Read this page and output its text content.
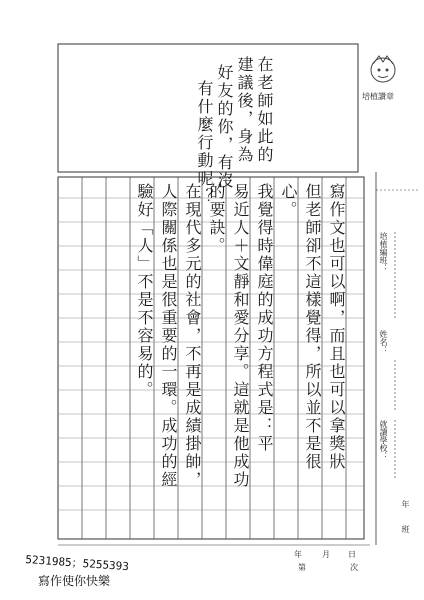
在老師如此的
建議後，身為
好友的你，有沒
有什麼行動呢？	培植讚章
寫作文也可以啊，而且也可以拿獎狀
但老師卻不這樣覺得，所以並不是很
心。
我覺得時偉庭的成功方程式是：平
易近人＋文靜和愛分享。這就是他成功
的要訣。
在現代多元的社會，不再是成績掛帥，
人際關係也是很重要的一環。成功的經
驗好「人」不是不容易的。	培植編班：
姓名：
就讀學校：
年
班
年	月 日
第	次
5231985；5255393
寫作使你快樂
